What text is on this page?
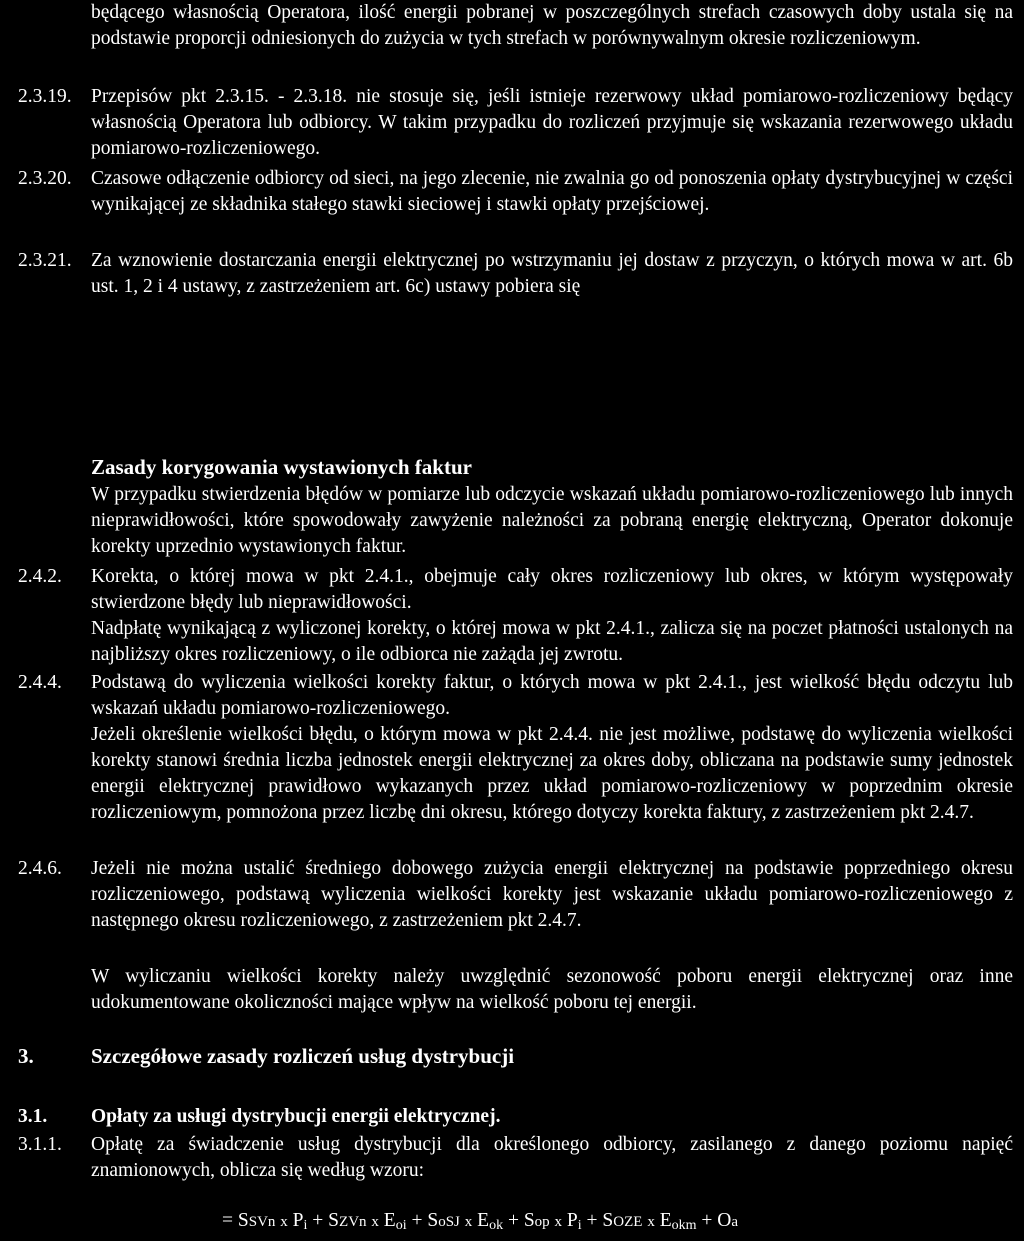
będącego własnością Operatora, ilość energii pobranej w poszczególnych strefach czasowych doby ustala się na podstawie proporcji odniesionych do zużycia w tych strefach w porównywalnym okresie rozliczeniowym.
2.3.19. Przepisów pkt 2.3.15. - 2.3.18. nie stosuje się, jeśli istnieje rezerwowy układ pomiarowo-rozliczeniowy będący własnością Operatora lub odbiorcy. W takim przypadku do rozliczeń przyjmuje się wskazania rezerwowego układu pomiarowo-rozliczeniowego.
2.3.20. Czasowe odłączenie odbiorcy od sieci, na jego zlecenie, nie zwalnia go od ponoszenia opłaty dystrybucyjnej w części wynikającej ze składnika stałego stawki sieciowej i stawki opłaty przejściowej.
2.3.21. Za wznowienie dostarczania energii elektrycznej po wstrzymaniu jej dostaw z przyczyn, o których mowa w art. 6b ust. 1, 2 i 4 ustawy, z zastrzeżeniem art. 6c) ustawy pobiera się
Zasady korygowania wystawionych faktur
W przypadku stwierdzenia błędów w pomiarze lub odczycie wskazań układu pomiarowo-rozliczeniowego lub innych nieprawidłowości, które spowodowały zawyżenie należności za pobraną energię elektryczną, Operator dokonuje korekty uprzednio wystawionych faktur.
2.4.2. Korekta, o której mowa w pkt 2.4.1., obejmuje cały okres rozliczeniowy lub okres, w którym występowały stwierdzone błędy lub nieprawidłowości.
Nadpłatę wynikającą z wyliczonej korekty, o której mowa w pkt 2.4.1., zalicza się na poczet płatności ustalonych na najbliższy okres rozliczeniowy, o ile odbiorca nie zażąda jej zwrotu.
2.4.4. Podstawą do wyliczenia wielkości korekty faktur, o których mowa w pkt 2.4.1., jest wielkość błędu odczytu lub wskazań układu pomiarowo-rozliczeniowego.
Jeżeli określenie wielkości błędu, o którym mowa w pkt 2.4.4. nie jest możliwe, podstawę do wyliczenia wielkości korekty stanowi średnia liczba jednostek energii elektrycznej za okres doby, obliczana na podstawie sumy jednostek energii elektrycznej prawidłowo wykazanych przez układ pomiarowo-rozliczeniowy w poprzednim okresie rozliczeniowym, pomnożona przez liczbę dni okresu, którego dotyczy korekta faktury, z zastrzeżeniem pkt 2.4.7.
2.4.6. Jeżeli nie można ustalić średniego dobowego zużycia energii elektrycznej na podstawie poprzedniego okresu rozliczeniowego, podstawą wyliczenia wielkości korekty jest wskazanie układu pomiarowo-rozliczeniowego z następnego okresu rozliczeniowego, z zastrzeżeniem pkt 2.4.7.
W wyliczaniu wielkości korekty należy uwzględnić sezonowość poboru energii elektrycznej oraz inne udokumentowane okoliczności mające wpływ na wielkość poboru tej energii.
3.	Szczegółowe zasady rozliczeń usług dystrybucji
3.1. Opłaty za usługi dystrybucji energii elektrycznej.
3.1.1. Opłatę za świadczenie usług dystrybucji dla określonego odbiorcy, zasilanego z danego poziomu napięć znamionowych, oblicza się według wzoru:
= SSVn x $P_i$ + SZVn x $E_{oi}$ + SoSJ x $E_{ok}$ + Sop x $P_i$ + SOZE x $E_{okm} + Oa$
